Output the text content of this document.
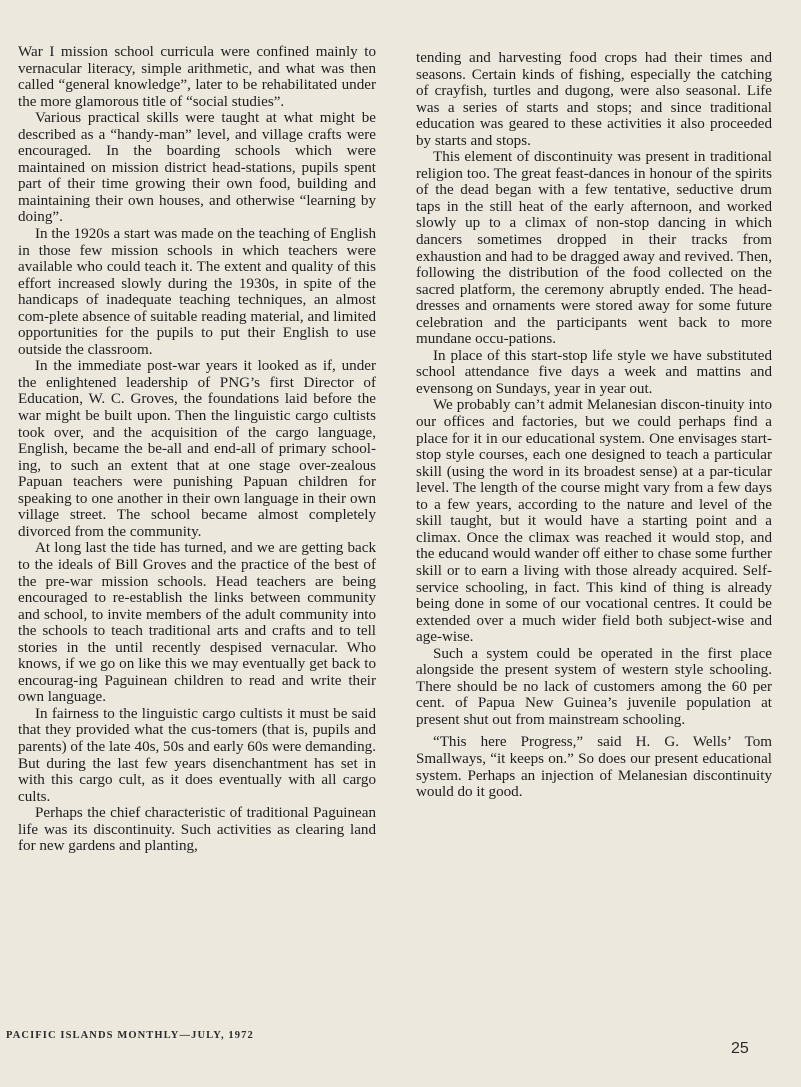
War I mission school curricula were confined mainly to vernacular literacy, simple arithmetic, and what was then called “general knowledge”, later to be rehabilitated under the more glamorous title of “social studies”.

Various practical skills were taught at what might be described as a “handy-man” level, and village crafts were encouraged. In the boarding schools which were maintained on mission district head-stations, pupils spent part of their time growing their own food, building and maintaining their own houses, and otherwise “learning by doing”.

In the 1920s a start was made on the teaching of English in those few mission schools in which teachers were available who could teach it. The extent and quality of this effort increased slowly during the 1930s, in spite of the handicaps of inadequate teaching techniques, an almost com-plete absence of suitable reading material, and limited opportunities for the pupils to put their English to use outside the classroom.

In the immediate post-war years it looked as if, under the enlightened leadership of PNG’s first Director of Education, W. C. Groves, the foundations laid before the war might be built upon. Then the linguistic cargo cultists took over, and the acquisition of the cargo language, English, became the be-all and end-all of primary school-ing, to such an extent that at one stage over-zealous Papuan teachers were punishing Papuan children for speaking to one another in their own language in their own village street. The school became almost completely divorced from the community.

At long last the tide has turned, and we are getting back to the ideals of Bill Groves and the practice of the best of the pre-war mission schools. Head teachers are being encouraged to re-establish the links between community and school, to invite members of the adult community into the schools to teach traditional arts and crafts and to tell stories in the until recently despised vernacular. Who knows, if we go on like this we may eventually get back to encourag-ing Paguinean children to read and write their own language.

In fairness to the linguistic cargo cultists it must be said that they provided what the cus-tomers (that is, pupils and parents) of the late 40s, 50s and early 60s were demanding. But during the last few years disenchantment has set in with this cargo cult, as it does eventually with all cargo cults.

Perhaps the chief characteristic of traditional Paguinean life was its discontinuity. Such activities as clearing land for new gardens and planting,

tending and harvesting food crops had their times and seasons. Certain kinds of fishing, especially the catching of crayfish, turtles and dugong, were also seasonal. Life was a series of starts and stops; and since traditional education was geared to these activities it also proceeded by starts and stops.

This element of discontinuity was present in traditional religion too. The great feast-dances in honour of the spirits of the dead began with a few tentative, seductive drum taps in the still heat of the early afternoon, and worked slowly up to a climax of non-stop dancing in which dancers sometimes dropped in their tracks from exhaustion and had to be dragged away and revived. Then, following the distribution of the food collected on the sacred platform, the ceremony abruptly ended. The head-dresses and ornaments were stored away for some future celebration and the participants went back to more mundane occu-pations.

In place of this start-stop life style we have substituted school attendance five days a week and mattins and evensong on Sundays, year in year out.

We probably can’t admit Melanesian discon-tinuity into our offices and factories, but we could perhaps find a place for it in our educational system. One envisages start-stop style courses, each one designed to teach a particular skill (using the word in its broadest sense) at a par-ticular level. The length of the course might vary from a few days to a few years, according to the nature and level of the skill taught, but it would have a starting point and a climax. Once the climax was reached it would stop, and the educand would wander off either to chase some further skill or to earn a living with those already acquired. Self-service schooling, in fact. This kind of thing is already being done in some of our vocational centres. It could be extended over a much wider field both subject-wise and age-wise.

Such a system could be operated in the first place alongside the present system of western style schooling. There should be no lack of customers among the 60 per cent. of Papua New Guinea’s juvenile population at present shut out from mainstream schooling.

“This here Progress,” said H. G. Wells’ Tom Smallways, “it keeps on.” So does our present educational system. Perhaps an injection of Melanesian discontinuity would do it good.

PACIFIC ISLANDS MONTHLY—JULY, 1972
25
